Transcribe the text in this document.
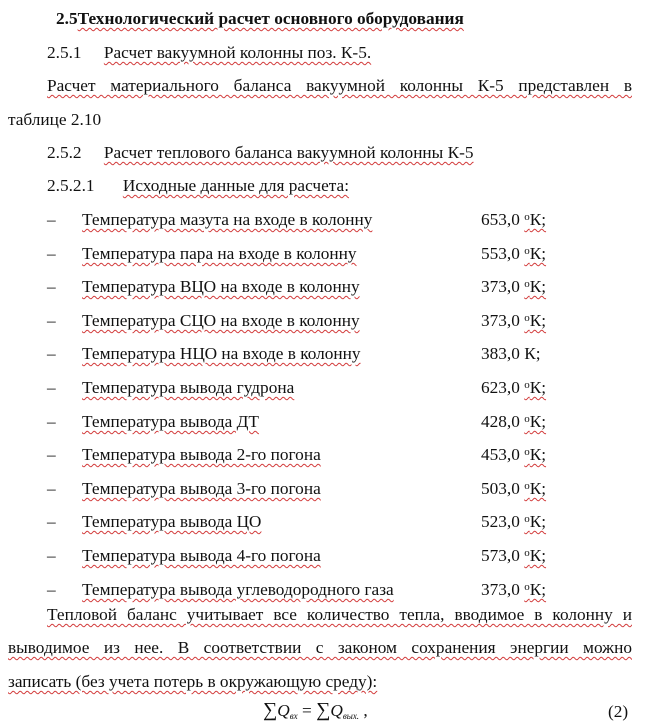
2.5Технологический расчет основного оборудования
2.5.1 Расчет вакуумной колонны поз. К-5.
Расчет материального баланса вакуумной колонны К-5 представлен в
таблице 2.10
2.5.2 Расчет теплового баланса вакуумной колонны К-5
2.5.2.1 Исходные данные для расчета:
– Температура мазута на входе в колонну	653,0 $^о$К;
– Температура пара на входе в колонну	553,0 $^о$К;
– Температура ВЦО на входе в колонну	373,0 $^о$К;
– Температура СЦО на входе в колонну	373,0 $^о$К;
– Температура НЦО на входе в колонну	383,0 К;
– Температура вывода гудрона	623,0 $^о$К;
– Температура вывода ДТ	428,0 $^о$К;
– Температура вывода 2-го погона	453,0 $^о$К;
– Температура вывода 3-го погона	503,0 $^о$К;
– Температура вывода ЦО	523,0 $^о$К;
– Температура вывода 4-го погона	573,0 $^о$К;
– Температура вывода углеводородного газа	373,0 $^о$К;
Тепловой баланс учитывает все количество тепла, вводимое в колонну и
выводимое из нее. В соответствии с законом сохранения энергии можно
записать (без учета потерь в окружающую среду):
$\sum Q_{вх} = \sum Q_{вых.}$ ,	(2)
